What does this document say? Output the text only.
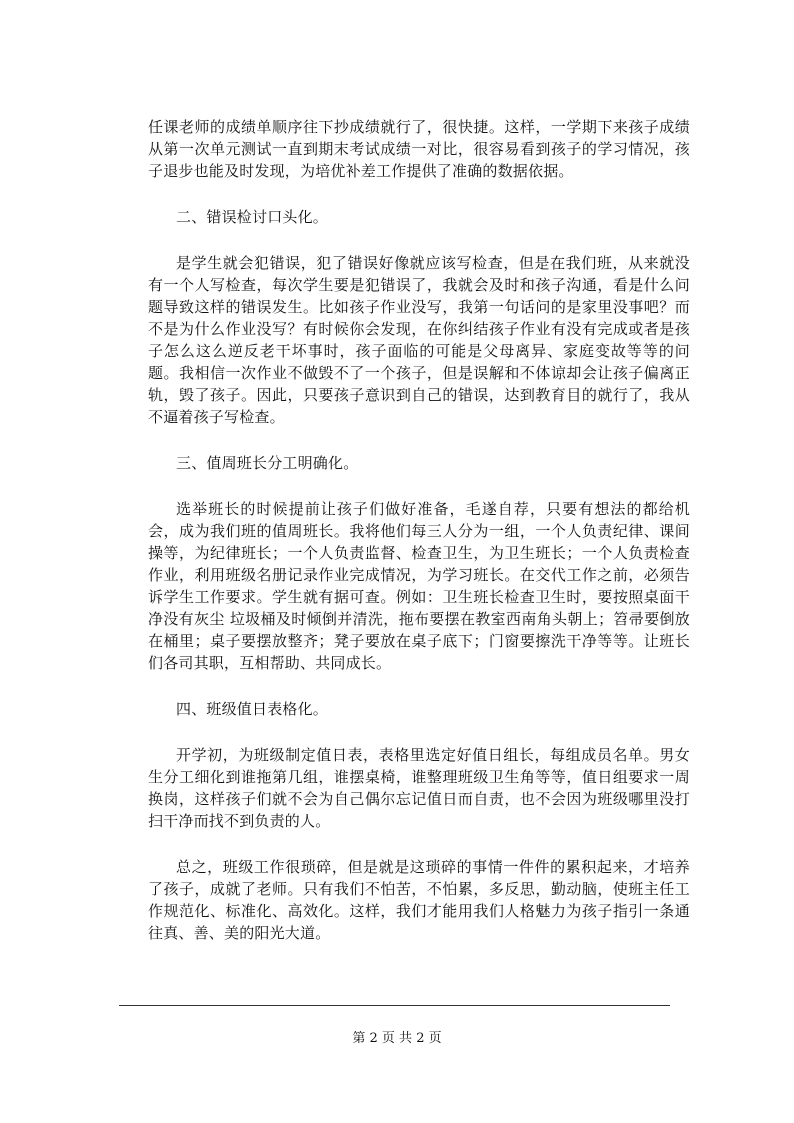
任课老师的成绩单顺序往下抄成绩就行了，很快捷。这样，一学期下来孩子成绩从第一次单元测试一直到期末考试成绩一对比，很容易看到孩子的学习情况，孩子退步也能及时发现，为培优补差工作提供了准确的数据依据。

二、错误检讨口头化。

是学生就会犯错误，犯了错误好像就应该写检查，但是在我们班，从来就没有一个人写检查，每次学生要是犯错误了，我就会及时和孩子沟通，看是什么问题导致这样的错误发生。比如孩子作业没写，我第一句话问的是家里没事吧？而不是为什么作业没写？有时候你会发现，在你纠结孩子作业有没有完成或者是孩子怎么这么逆反老干坏事时，孩子面临的可能是父母离异、家庭变故等等的问题。我相信一次作业不做毁不了一个孩子，但是误解和不体谅却会让孩子偏离正轨，毁了孩子。因此，只要孩子意识到自己的错误，达到教育目的就行了，我从不逼着孩子写检查。

三、值周班长分工明确化。

选举班长的时候提前让孩子们做好准备，毛遂自荐，只要有想法的都给机会，成为我们班的值周班长。我将他们每三人分为一组，一个人负责纪律、课间操等，为纪律班长；一个人负责监督、检查卫生，为卫生班长；一个人负责检查作业，利用班级名册记录作业完成情况，为学习班长。在交代工作之前，必须告诉学生工作要求。学生就有据可查。例如：卫生班长检查卫生时，要按照桌面干净没有灰尘 垃圾桶及时倾倒并清洗，拖布要摆在教室西南角头朝上；笤帚要倒放在桶里；桌子要摆放整齐；凳子要放在桌子底下；门窗要擦洗干净等等。让班长们各司其职，互相帮助、共同成长。

四、班级值日表格化。

开学初，为班级制定值日表，表格里选定好值日组长，每组成员名单。男女生分工细化到谁拖第几组，谁摆桌椅，谁整理班级卫生角等等，值日组要求一周换岗，这样孩子们就不会为自己偶尔忘记值日而自责，也不会因为班级哪里没打扫干净而找不到负责的人。

总之，班级工作很琐碎，但是就是这琐碎的事情一件件的累积起来，才培养了孩子，成就了老师。只有我们不怕苦，不怕累，多反思，勤动脑，使班主任工作规范化、标准化、高效化。这样，我们才能用我们人格魅力为孩子指引一条通往真、善、美的阳光大道。

第 2 页 共 2 页
